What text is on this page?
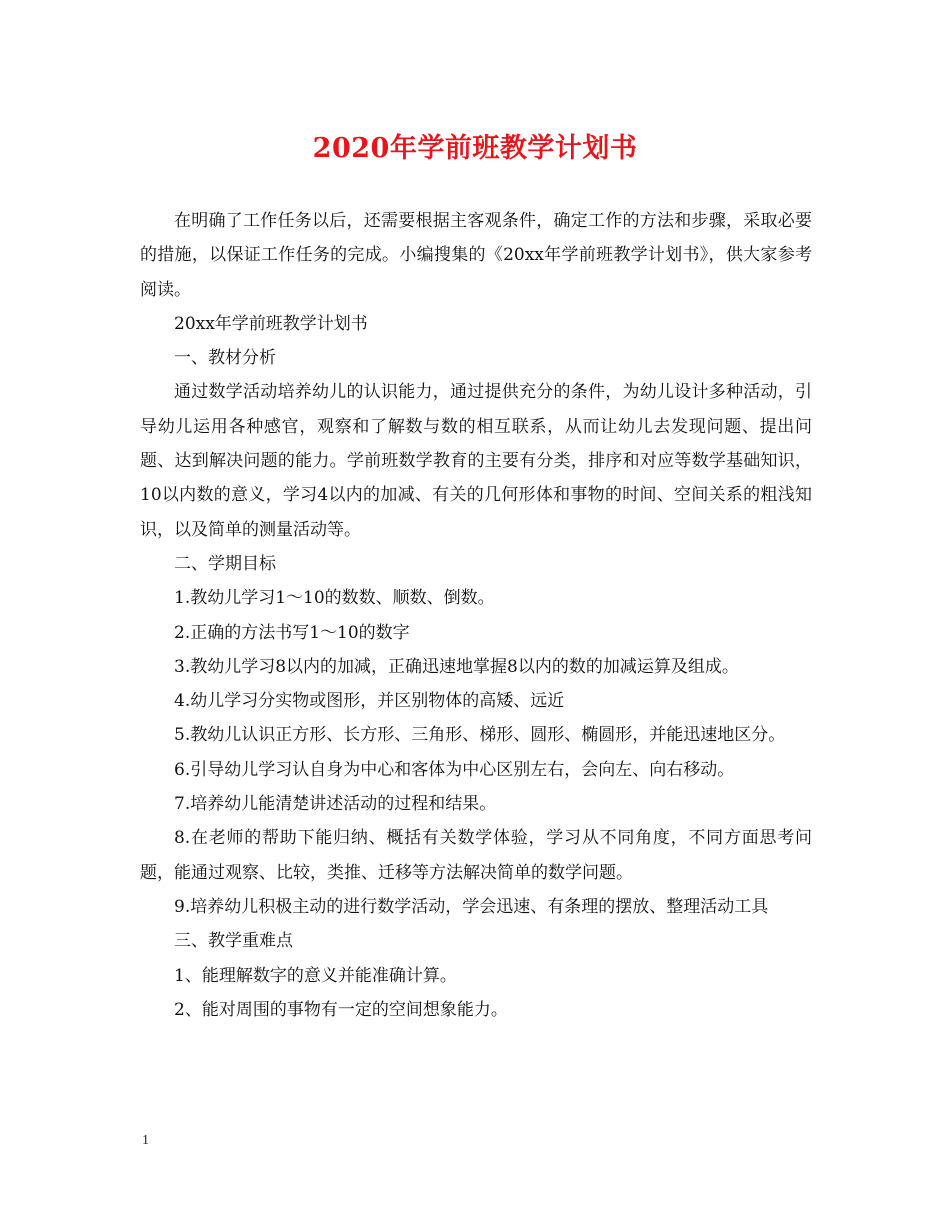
2020年学前班教学计划书

在明确了工作任务以后，还需要根据主客观条件，确定工作的方法和步骤，采取必要的措施，以保证工作任务的完成。小编搜集的《20xx年学前班教学计划书》，供大家参考阅读。

20xx年学前班教学计划书

一、教材分析

通过数学活动培养幼儿的认识能力，通过提供充分的条件，为幼儿设计多种活动，引导幼儿运用各种感官，观察和了解数与数的相互联系，从而让幼儿去发现问题、提出问题、达到解决问题的能力。学前班数学教育的主要有分类，排序和对应等数学基础知识，10以内数的意义，学习4以内的加减、有关的几何形体和事物的时间、空间关系的粗浅知识，以及简单的测量活动等。

二、学期目标

1.教幼儿学习1～10的数数、顺数、倒数。

2.正确的方法书写1～10的数字

3.教幼儿学习8以内的加减，正确迅速地掌握8以内的数的加减运算及组成。

4.幼儿学习分实物或图形，并区别物体的高矮、远近

5.教幼儿认识正方形、长方形、三角形、梯形、圆形、椭圆形，并能迅速地区分。

6.引导幼儿学习认自身为中心和客体为中心区别左右，会向左、向右移动。

7.培养幼儿能清楚讲述活动的过程和结果。

8.在老师的帮助下能归纳、概括有关数学体验，学习从不同角度，不同方面思考问题，能通过观察、比较，类推、迁移等方法解决简单的数学问题。

9.培养幼儿积极主动的进行数学活动，学会迅速、有条理的摆放、整理活动工具

三、教学重难点

1、能理解数字的意义并能准确计算。

2、能对周围的事物有一定的空间想象能力。

1
